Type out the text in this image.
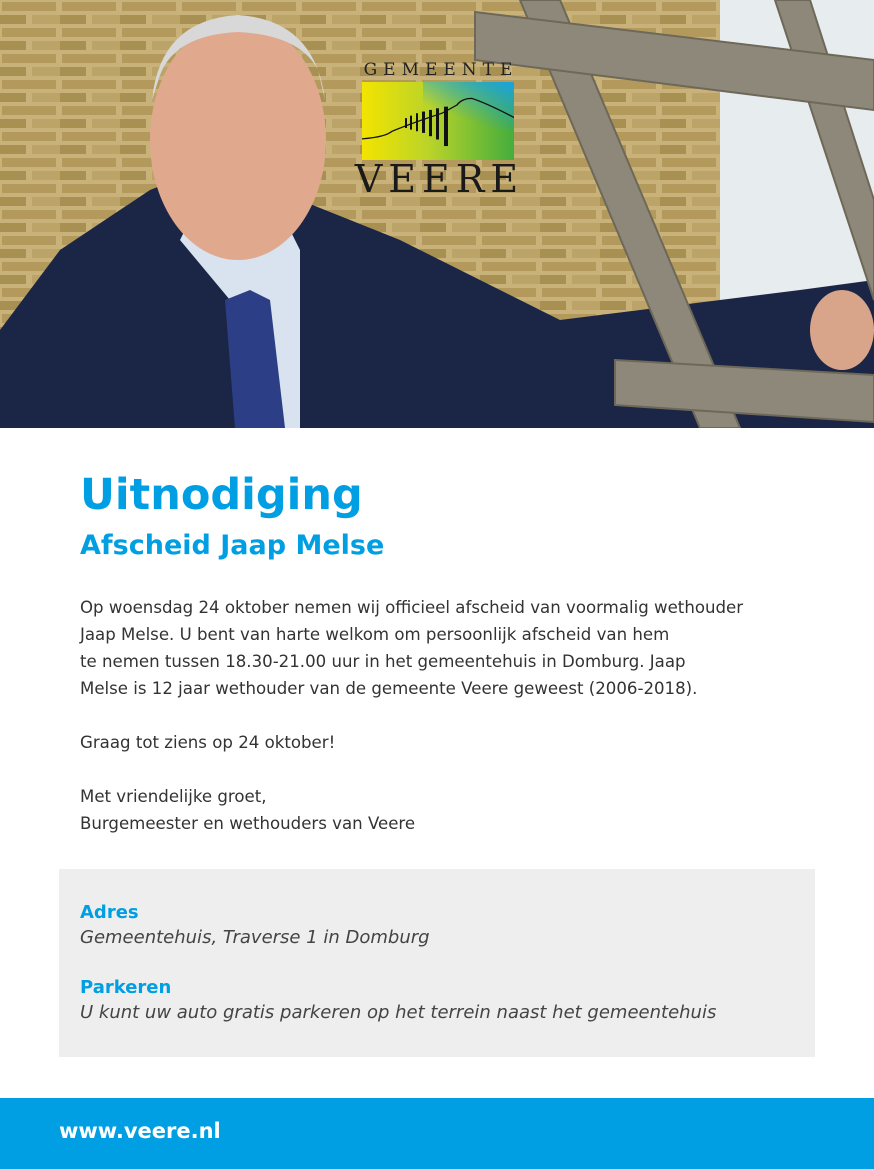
GEMEENTE
VEERE
Uitnodiging
Afscheid Jaap Melse
Op woensdag 24 oktober nemen wij officieel afscheid van voormalig wethouder
Jaap Melse. U bent van harte welkom om persoonlijk afscheid van hem
te nemen tussen 18.30-21.00 uur in het gemeentehuis in Domburg. Jaap
Melse is 12 jaar wethouder van de gemeente Veere geweest (2006-2018).
Graag tot ziens op 24 oktober!
Met vriendelijke groet,
Burgemeester en wethouders van Veere
Adres
Gemeentehuis, Traverse 1 in Domburg
Parkeren
U kunt uw auto gratis parkeren op het terrein naast het gemeentehuis
www.veere.nl
